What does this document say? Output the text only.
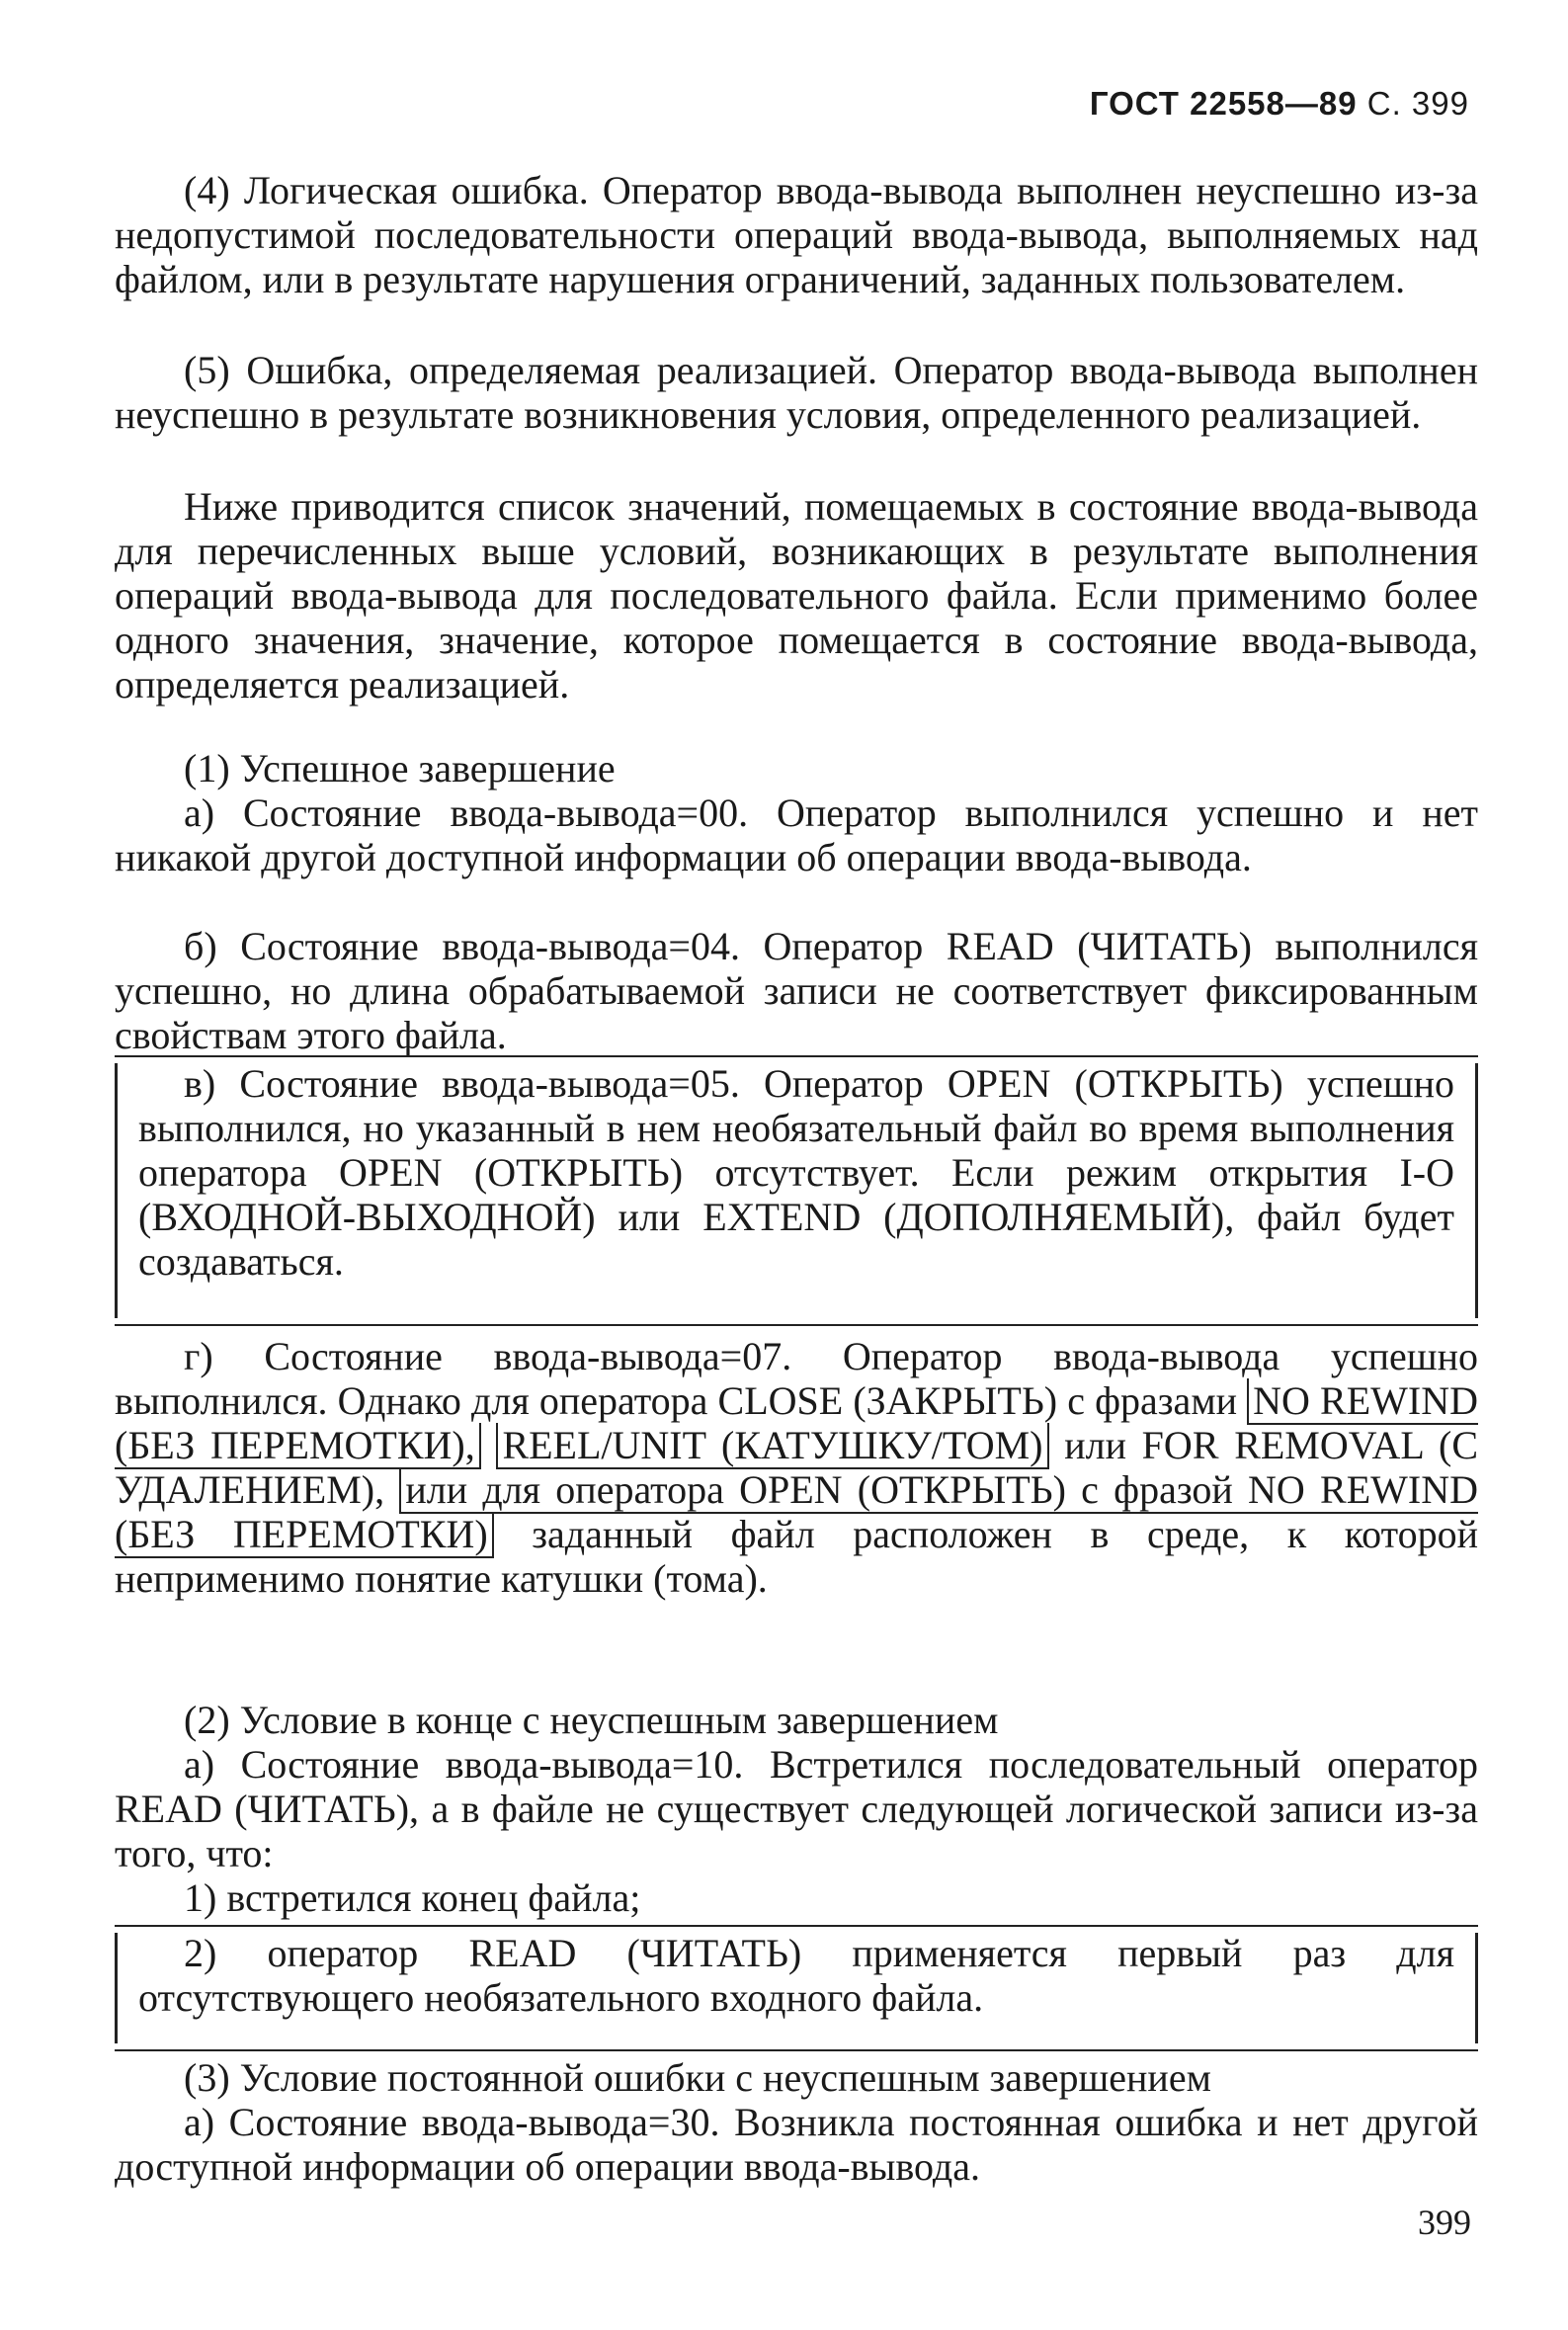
ГОСТ 22558—89 С. 399

(4) Логическая ошибка. Оператор ввода-вывода выполнен неуспешно из-за недопустимой последовательности операций ввода-вывода, выполняемых над файлом, или в результате нарушения ограничений, заданных пользователем.

(5) Ошибка, определяемая реализацией. Оператор ввода-вывода выполнен неуспешно в результате возникновения условия, определенного реализацией.

Ниже приводится список значений, помещаемых в состояние ввода-вывода для перечисленных выше условий, возникающих в результате выполнения операций ввода-вывода для последовательного файла. Если применимо более одного значения, значение, которое помещается в состояние ввода-вывода, определяется реализацией.

(1) Успешное завершение

а) Состояние ввода-вывода=00. Оператор выполнился успешно и нет никакой другой доступной информации об операции ввода-вывода.

б) Состояние ввода-вывода=04. Оператор READ (ЧИТАТЬ) выполнился успешно, но длина обрабатываемой записи не соответствует фиксированным свойствам этого файла.

в) Состояние ввода-вывода=05. Оператор OPEN (ОТКРЫТЬ) успешно выполнился, но указанный в нем необязательный файл во время выполнения оператора OPEN (ОТКРЫТЬ) отсутствует. Если режим открытия I-O (ВХОДНОЙ-ВЫХОДНОЙ) или EXTEND (ДОПОЛНЯЕМЫЙ), файл будет создаваться.

г) Состояние ввода-вывода=07. Оператор ввода-вывода успешно выполнился. Однако для оператора CLOSE (ЗАКРЫТЬ) с фразами NO REWIND (БЕЗ ПЕРЕМОТКИ), REEL/UNIT (КАТУШКУ/ТОМ) или FOR REMOVAL (С УДАЛЕНИЕМ), или для оператора OPEN (ОТКРЫТЬ) с фразой NO REWIND (БЕЗ ПЕРЕМОТКИ) заданный файл расположен в среде, к которой неприменимо понятие катушки (тома).

(2) Условие в конце с неуспешным завершением

а) Состояние ввода-вывода=10. Встретился последовательный оператор READ (ЧИТАТЬ), а в файле не существует следующей логической записи из-за того, что:

1) встретился конец файла;

2) оператор READ (ЧИТАТЬ) применяется первый раз для отсутствующего необязательного входного файла.

(3) Условие постоянной ошибки с неуспешным завершением

а) Состояние ввода-вывода=30. Возникла постоянная ошибка и нет другой доступной информации об операции ввода-вывода.

399
